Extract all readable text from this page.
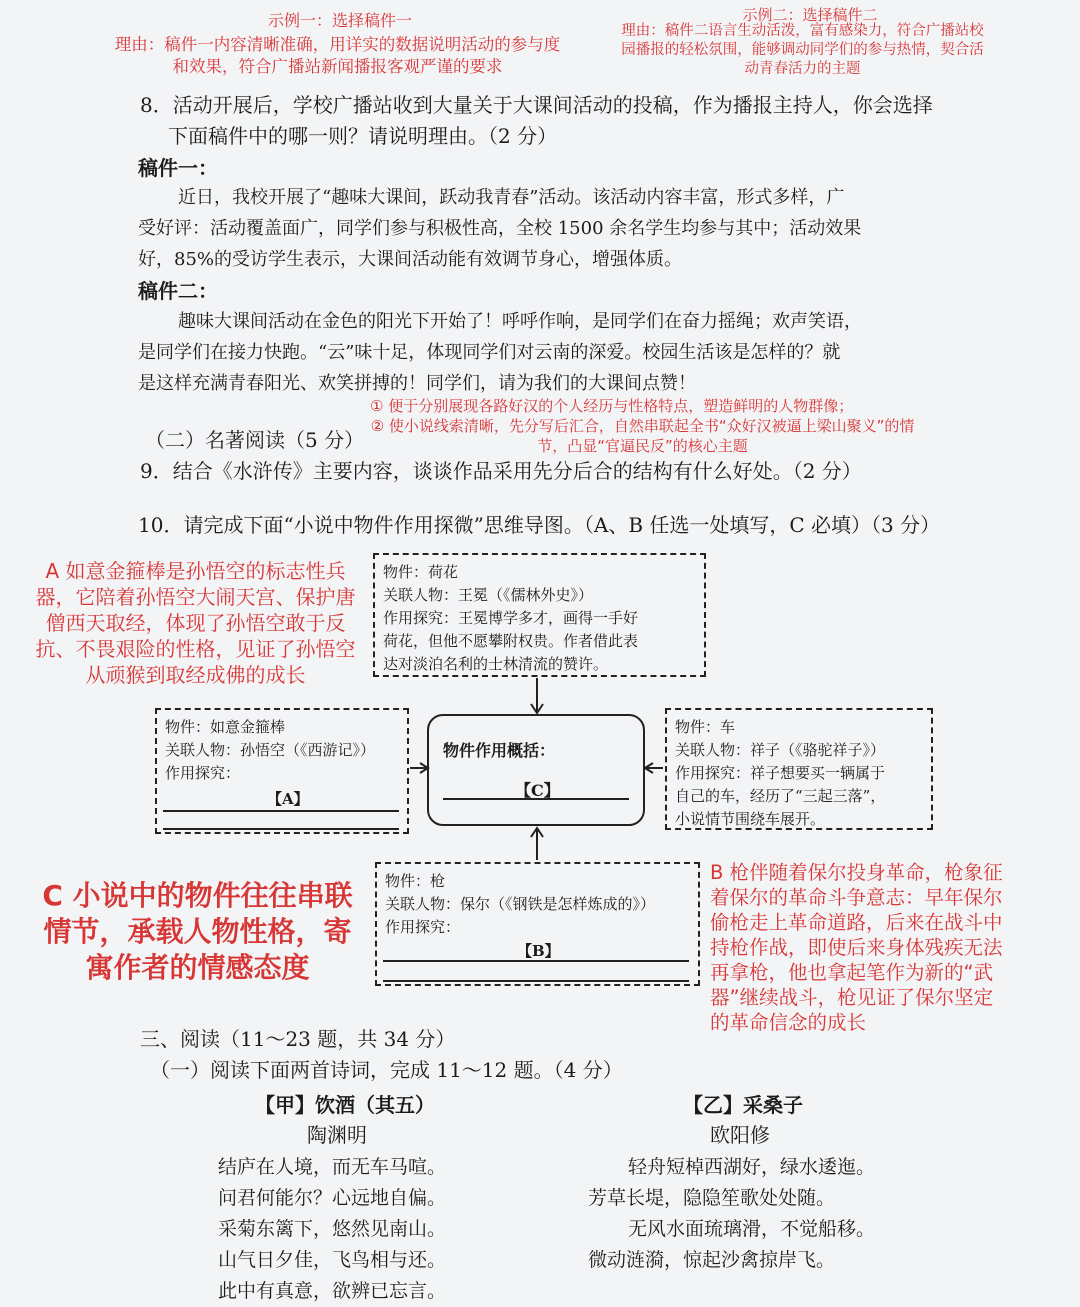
示例一：选择稿件一
理由：稿件一内容清晰准确，用详实的数据说明活动的参与度和效果，符合广播站新闻播报客观严谨的要求
示例二：选择稿件二
理由：稿件二语言生动活泼，富有感染力，符合广播站校园播报的轻松氛围，能够调动同学们的参与热情，契合活动青春活力的主题
8．活动开展后，学校广播站收到大量关于大课间活动的投稿，作为播报主持人，你会选择
下面稿件中的哪一则？请说明理由。（2 分）
稿件一：
近日，我校开展了“趣味大课间，跃动我青春”活动。该活动内容丰富，形式多样，广
受好评：活动覆盖面广，同学们参与积极性高，全校 1500 余名学生均参与其中；活动效果
好，85%的受访学生表示，大课间活动能有效调节身心，增强体质。
稿件二：
趣味大课间活动在金色的阳光下开始了！呼呼作响，是同学们在奋力摇绳；欢声笑语，
是同学们在接力快跑。“云”味十足，体现同学们对云南的深爱。校园生活该是怎样的？就
是这样充满青春阳光、欢笑拼搏的！同学们，请为我们的大课间点赞！
① 便于分别展现各路好汉的个人经历与性格特点，塑造鲜明的人物群像；
② 使小说线索清晰，先分写后汇合，自然串联起全书“众好汉被逼上梁山聚义”的情节，凸显“官逼民反”的核心主题
（二）名著阅读（5 分）
9．结合《水浒传》主要内容，谈谈作品采用先分后合的结构有什么好处。（2 分）
10．请完成下面“小说中物件作用探微”思维导图。（A、B 任选一处填写，C 必填）（3 分）
A 如意金箍棒是孙悟空的标志性兵器，它陪着孙悟空大闹天宫、保护唐僧西天取经，体现了孙悟空敢于反抗、不畏艰险的性格，见证了孙悟空从顽猴到取经成佛的成长
物件：荷花
关联人物：王冕（《儒林外史》）
作用探究：王冕博学多才，画得一手好
荷花，但他不愿攀附权贵。作者借此表
达对淡泊名利的士林清流的赞许。
物件：如意金箍棒
关联人物：孙悟空（《西游记》）
作用探究：
【A】
物件作用概括：
【C】
物件：车
关联人物：祥子（《骆驼祥子》）
作用探究：祥子想要买一辆属于
自己的车，经历了“三起三落”，
小说情节围绕车展开。
C 小说中的物件往往串联情节，承载人物性格，寄寓作者的情感态度
物件：枪
关联人物：保尔（《钢铁是怎样炼成的》）
作用探究：
【B】
B 枪伴随着保尔投身革命，枪象征着保尔的革命斗争意志：早年保尔偷枪走上革命道路，后来在战斗中持枪作战，即使后来身体残疾无法再拿枪，他也拿起笔作为新的“武器”继续战斗，枪见证了保尔坚定的革命信念的成长
三、阅读（11～23 题，共 34 分）
（一）阅读下面两首诗词，完成 11～12 题。（4 分）
【甲】饮酒（其五）
陶渊明
结庐在人境，而无车马喧。
问君何能尔？心远地自偏。
采菊东篱下，悠然见南山。
山气日夕佳，飞鸟相与还。
此中有真意，欲辨已忘言。
【乙】采桑子
欧阳修
轻舟短棹西湖好，绿水逶迤。
芳草长堤，隐隐笙歌处处随。
无风水面琉璃滑，不觉船移。
微动涟漪，惊起沙禽掠岸飞。
